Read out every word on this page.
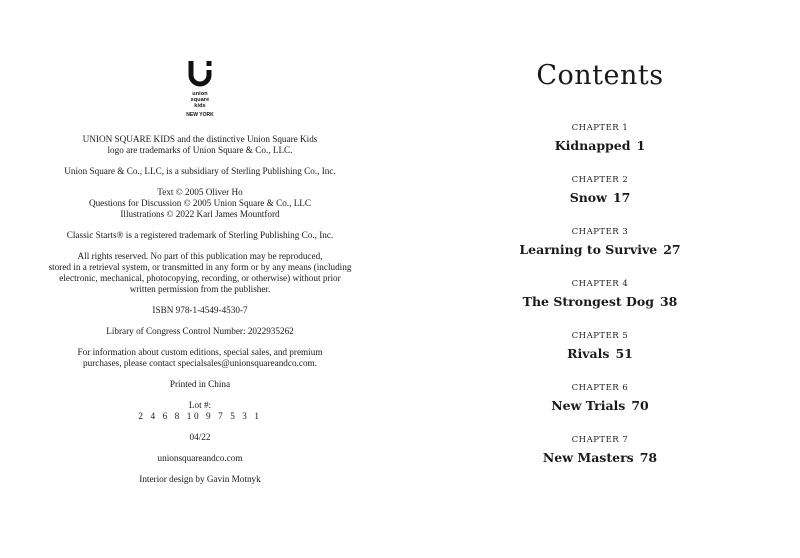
union
square
kids
NEW YORK

UNION SQUARE KIDS and the distinctive Union Square Kids
logo are trademarks of Union Square & Co., LLC.

Union Square & Co., LLC, is a subsidiary of Sterling Publishing Co., Inc.

Text © 2005 Oliver Ho
Questions for Discussion © 2005 Union Square & Co., LLC
Illustrations © 2022 Karl James Mountford

Classic Starts® is a registered trademark of Sterling Publishing Co., Inc.

All rights reserved. No part of this publication may be reproduced,
stored in a retrieval system, or transmitted in any form or by any means (including
electronic, mechanical, photocopying, recording, or otherwise) without prior
written permission from the publisher.

ISBN 978-1-4549-4530-7

Library of Congress Control Number: 2022935262

For information about custom editions, special sales, and premium
purchases, please contact specialsales@unionsquareandco.com.

Printed in China

Lot #:
2 4 6 8 10 9 7 5 3 1

04/22

unionsquareandco.com

Interior design by Gavin Motnyk

Contents
CHAPTER 1
Kidnapped 1
CHAPTER 2
Snow 17
CHAPTER 3
Learning to Survive 27
CHAPTER 4
The Strongest Dog 38
CHAPTER 5
Rivals 51
CHAPTER 6
New Trials 70
CHAPTER 7
New Masters 78
